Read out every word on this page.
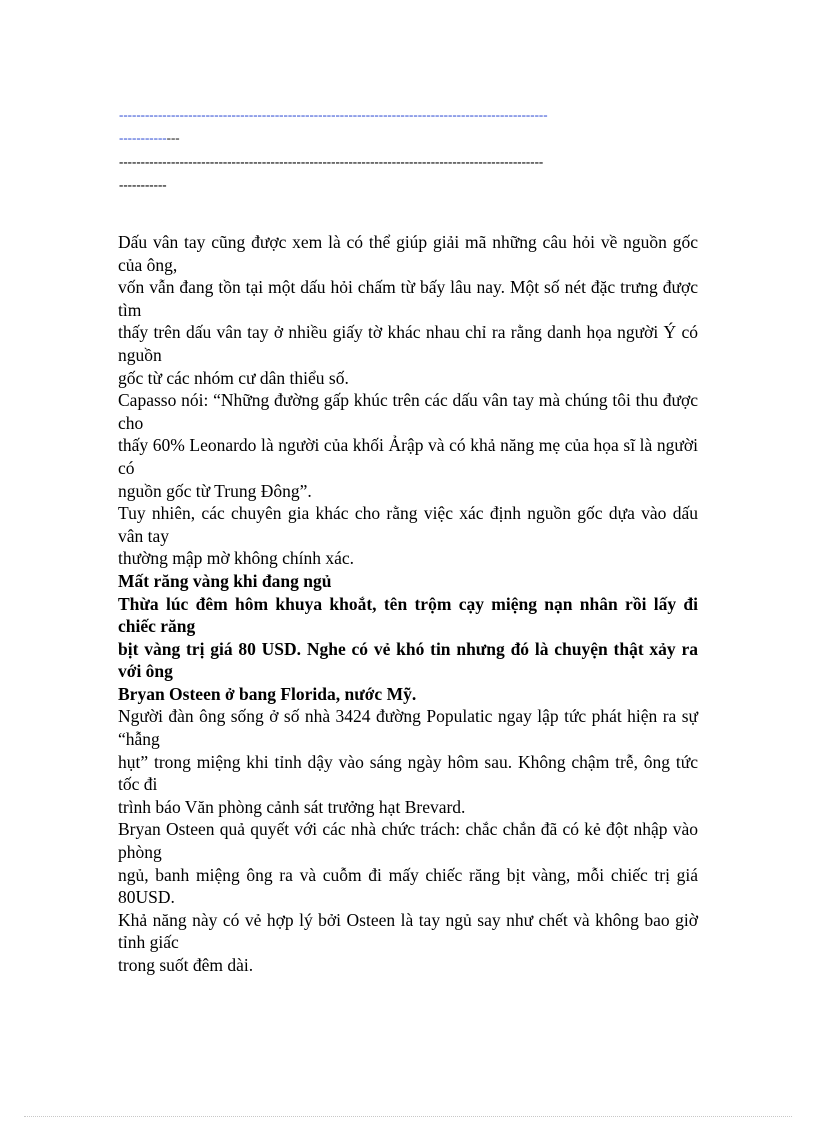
---------------------------------------------------------------------------------------------------
--------------
--------------------------------------------------------------------------------------------------
-----------

Dấu vân tay cũng được xem là có thể giúp giải mã những câu hỏi về nguồn gốc của ông,

vốn vẫn đang tồn tại một dấu hỏi chấm từ bấy lâu nay. Một số nét đặc trưng được tìm

thấy trên dấu vân tay ở nhiều giấy tờ khác nhau chỉ ra rằng danh họa người Ý có nguồn

gốc từ các nhóm cư dân thiểu số.

Capasso nói: “Những đường gấp khúc trên các dấu vân tay mà chúng tôi thu được cho

thấy 60% Leonardo là người của khối Ảrập và có khả năng mẹ của họa sĩ là người có

nguồn gốc từ Trung Đông”.

Tuy nhiên, các chuyên gia khác cho rằng việc xác định nguồn gốc dựa vào dấu vân tay

thường mập mờ không chính xác.

Mất răng vàng khi đang ngủ

Thừa lúc đêm hôm khuya khoắt, tên trộm cạy miệng nạn nhân rồi lấy đi chiếc răng

bịt vàng trị giá 80 USD. Nghe có vẻ khó tin nhưng đó là chuyện thật xảy ra với ông

Bryan Osteen ở bang Florida, nước Mỹ.

Người đàn ông sống ở số nhà 3424 đường Populatic ngay lập tức phát hiện ra sự “hẫng

hụt” trong miệng khi tỉnh dậy vào sáng ngày hôm sau. Không chậm trễ, ông tức tốc đi

trình báo Văn phòng cảnh sát trưởng hạt Brevard.

Bryan Osteen quả quyết với các nhà chức trách: chắc chắn đã có kẻ đột nhập vào phòng

ngủ, banh miệng ông ra và cuỗm đi mấy chiếc răng bịt vàng, mỗi chiếc trị giá 80USD.

Khả năng này có vẻ hợp lý bởi Osteen là tay ngủ say như chết và không bao giờ tỉnh giấc

trong suốt đêm dài.
